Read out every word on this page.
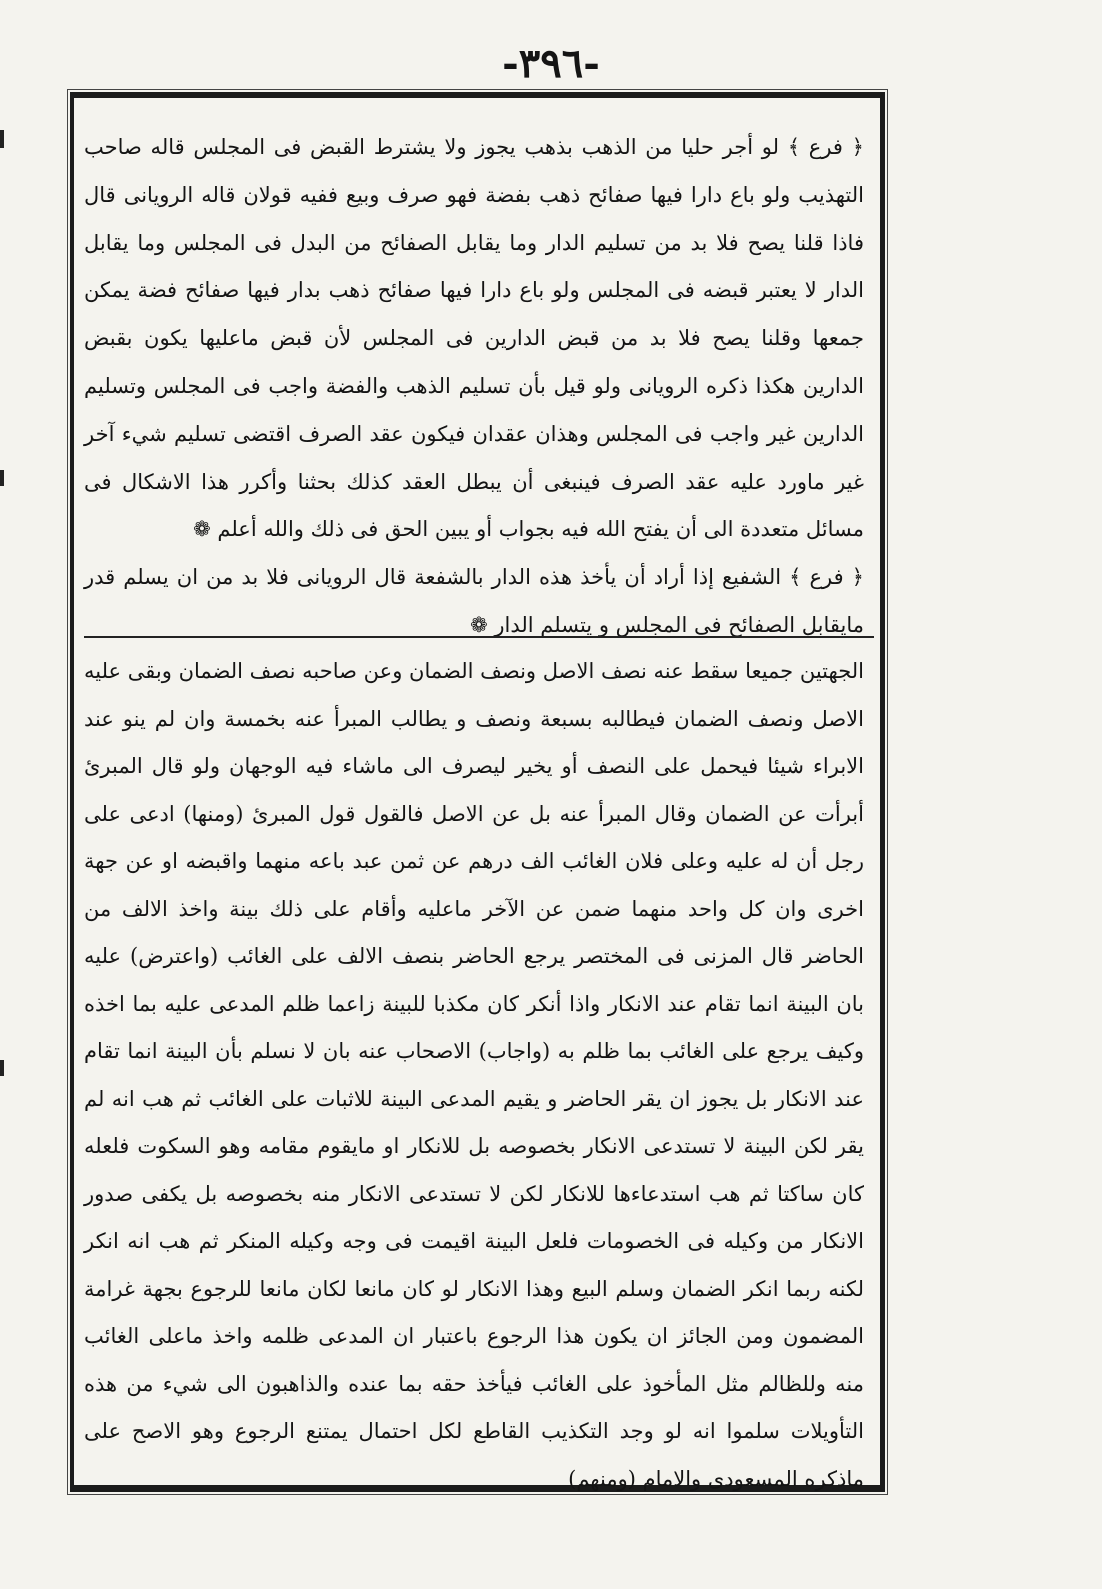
-٣٩٦-

﴿ فرع ﴾ لو أجر حليا من الذهب بذهب يجوز ولا يشترط القبض فى المجلس قاله صاحب التهذيب ولو باع دارا فيها صفائح ذهب بفضة فهو صرف وبيع ففيه قولان قاله الرويانى قال فاذا قلنا يصح فلا بد من تسليم الدار وما يقابل الصفائح من البدل فى المجلس وما يقابل الدار لا يعتبر قبضه فى المجلس ولو باع دارا فيها صفائح ذهب بدار فيها صفائح فضة يمكن جمعها وقلنا يصح فلا بد من قبض الدارين فى المجلس لأن قبض ماعليها يكون بقبض الدارين هكذا ذكره الرويانى ولو قيل بأن تسليم الذهب والفضة واجب فى المجلس وتسليم الدارين غير واجب فى المجلس وهذان عقدان فيكون عقد الصرف اقتضى تسليم شيء آخر غير ماورد عليه عقد الصرف فينبغى أن يبطل العقد كذلك بحثنا وأكرر هذا الاشكال فى مسائل متعددة الى أن يفتح الله فيه بجواب أو يبين الحق فى ذلك والله أعلم ❁

﴿ فرع ﴾ الشفيع إذا أراد أن يأخذ هذه الدار بالشفعة قال الرويانى فلا بد من ان يسلم قدر مايقابل الصفائح فى المجلس و يتسلم الدار ❁

الجهتين جميعا سقط عنه نصف الاصل ونصف الضمان وعن صاحبه نصف الضمان وبقى عليه الاصل ونصف الضمان فيطالبه بسبعة ونصف و يطالب المبرأ عنه بخمسة وان لم ينو عند الابراء شيئا فيحمل على النصف أو يخير ليصرف الى ماشاء فيه الوجهان ولو قال المبرئ أبرأت عن الضمان وقال المبرأ عنه بل عن الاصل فالقول قول المبرئ (ومنها) ادعى على رجل أن له عليه وعلى فلان الغائب الف درهم عن ثمن عبد باعه منهما واقبضه او عن جهة اخرى وان كل واحد منهما ضمن عن الآخر ماعليه وأقام على ذلك بينة واخذ الالف من الحاضر قال المزنى فى المختصر يرجع الحاضر بنصف الالف على الغائب (واعترض) عليه بان البينة انما تقام عند الانكار واذا أنكر كان مكذبا للبينة زاعما ظلم المدعى عليه بما اخذه وكيف يرجع على الغائب بما ظلم به (واجاب) الاصحاب عنه بان لا نسلم بأن البينة انما تقام عند الانكار بل يجوز ان يقر الحاضر و يقيم المدعى البينة للاثبات على الغائب ثم هب انه لم يقر لكن البينة لا تستدعى الانكار بخصوصه بل للانكار او مايقوم مقامه وهو السكوت فلعله كان ساكتا ثم هب استدعاءها للانكار لكن لا تستدعى الانكار منه بخصوصه بل يكفى صدور الانكار من وكيله فى الخصومات فلعل البينة اقيمت فى وجه وكيله المنكر ثم هب انه انكر لكنه ربما انكر الضمان وسلم البيع وهذا الانكار لو كان مانعا لكان مانعا للرجوع بجهة غرامة المضمون ومن الجائز ان يكون هذا الرجوع باعتبار ان المدعى ظلمه واخذ ماعلى الغائب منه وللظالم مثل المأخوذ على الغائب فيأخذ حقه بما عنده والذاهبون الى شيء من هذه التأويلات سلموا انه لو وجد التكذيب القاطع لكل احتمال يمتنع الرجوع وهو الاصح على ماذكره المسعودى والامام (ومنهم)
